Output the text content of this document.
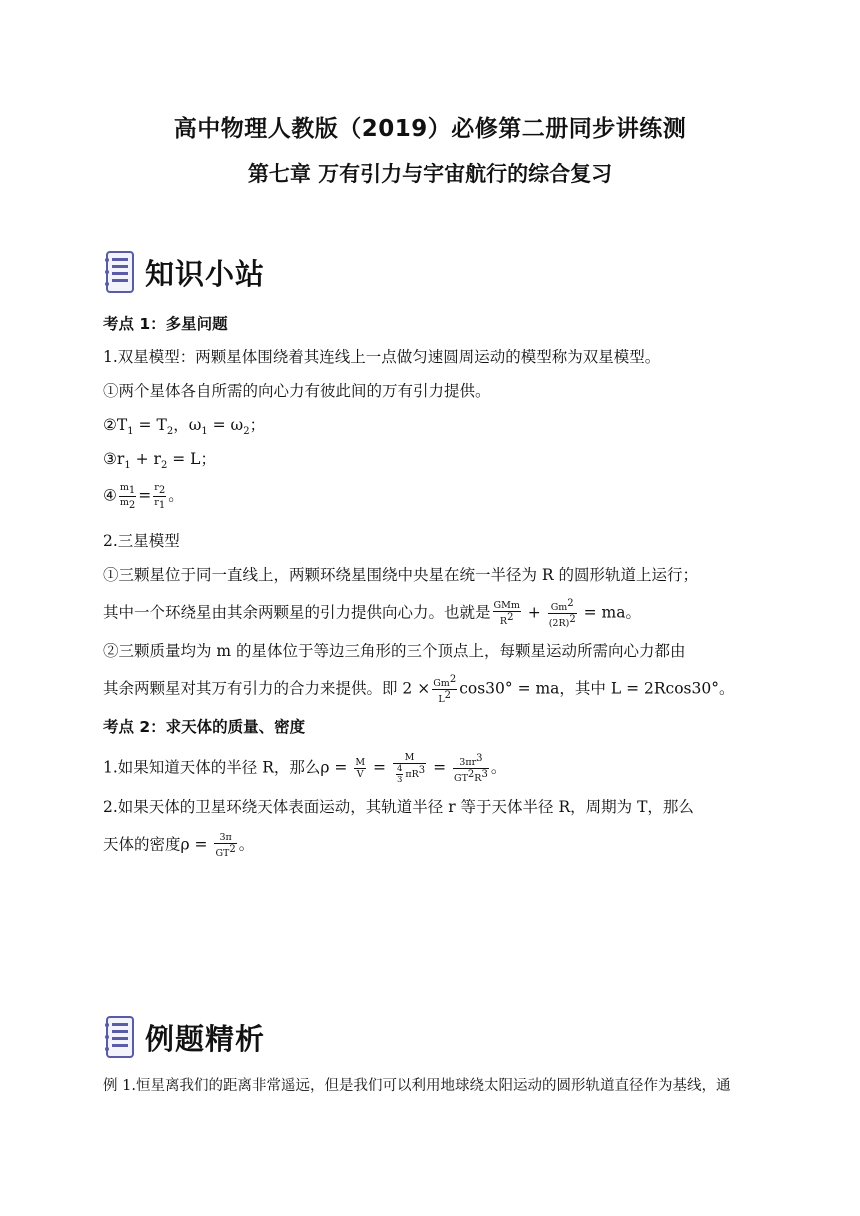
高中物理人教版（2019）必修第二册同步讲练测
第七章 万有引力与宇宙航行的综合复习
知识小站
考点 1：多星问题
1.双星模型：两颗星体围绕着其连线上一点做匀速圆周运动的模型称为双星模型。
①两个星体各自所需的向心力有彼此间的万有引力提供。
$②T_1 = T_2$，$\omega_1 = \omega_2$；
$③r_1 + r_2 = L$；
④ $\frac{m_1}{m_2} = \frac{r_2}{r_1}$ 。
2.三星模型
①三颗星位于同一直线上，两颗环绕星围绕中央星在统一半径为 R 的圆形轨道上运行；
其中一个环绕星由其余两颗星的引力提供向心力。也就是 $\frac{\text{GMm}}{R^2} + \frac{Gm^2}{(2R)^2}$ = ma。
②三颗质量均为 m 的星体位于等边三角形的三个顶点上，每颗星运动所需向心力都由
其余两颗星对其万有引力的合力来提供。即 $2 \times \frac{Gm^2}{L^2} \cos 30^\circ$ = ma，其中 L = 2Rcos30°。
考点 2：求天体的质量、密度
1.如果知道天体的半径 R，那么$\rho = \frac{M}{V} = \frac{M}{\frac{4}{3} \pi R^3} = \frac{3\pi r^3}{GT^2R^3}$ 。
2.如果天体的卫星环绕天体表面运动，其轨道半径 r 等于天体半径 R，周期为 T，那么
天体的密度$\rho = \frac{3\pi}{GT^2}$ 。
例题精析
例 1.恒星离我们的距离非常遥远，但是我们可以利用地球绕太阳运动的圆形轨道直径作为基线，通
